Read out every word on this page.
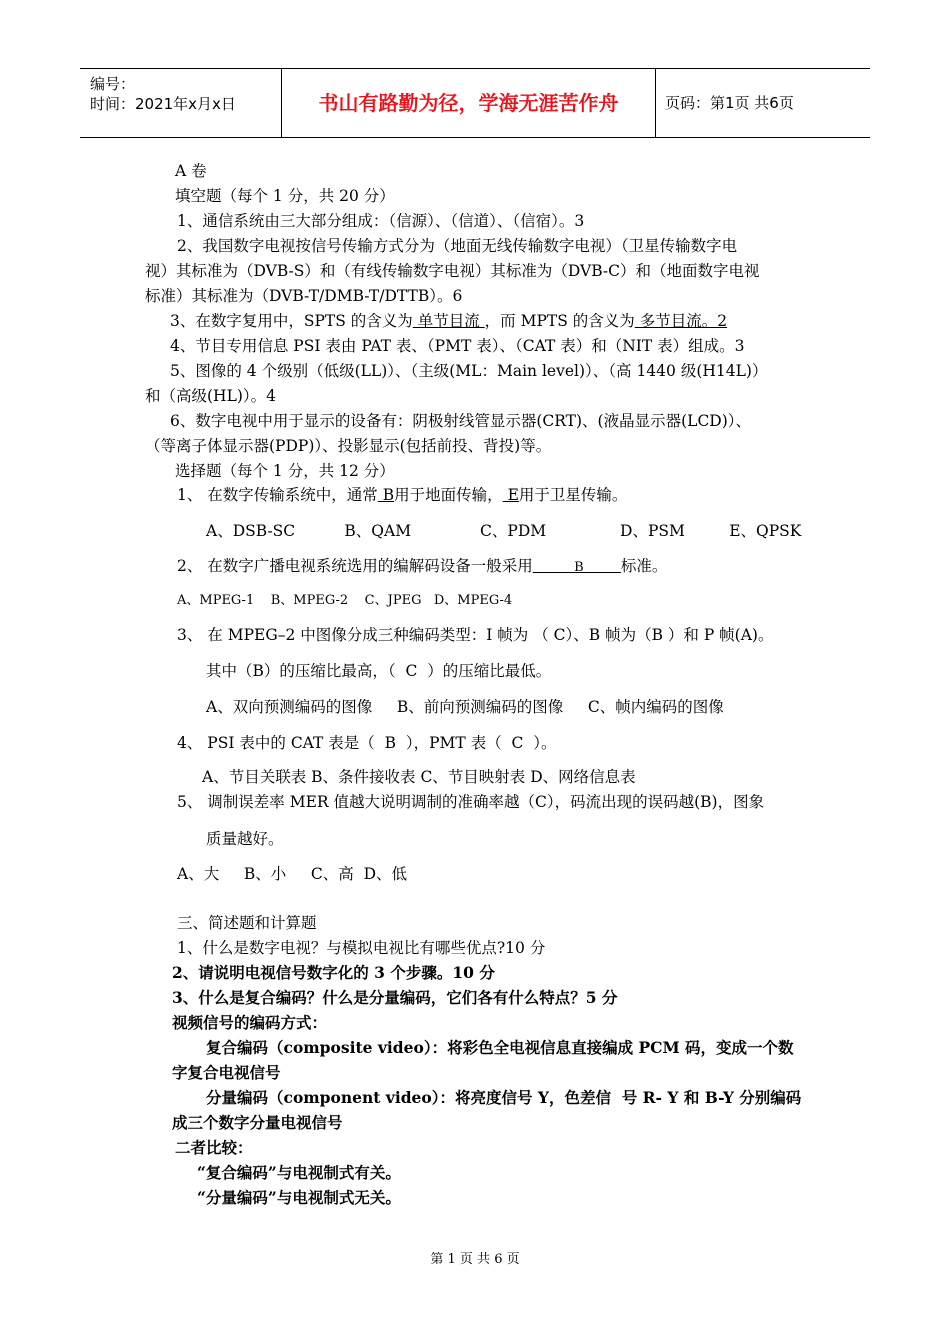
编号：
时间：2021年x月x日	书山有路勤为径，学海无涯苦作舟	页码：第1页 共6页
A 卷
填空题（每个 1 分，共 20 分）
1、通信系统由三大部分组成：（信源）、（信道）、（信宿）。3
2、我国数字电视按信号传输方式分为（地面无线传输数字电视）（卫星传输数字电
视）其标准为（DVB-S）和（有线传输数字电视）其标准为（DVB-C）和（地面数字电视
标准）其标准为（DVB-T/DMB-T/DTTB）。6
3、在数字复用中，SPTS 的含义为 单节目流 ，而 MPTS 的含义为 多节目流。2
4、节目专用信息 PSI 表由 PAT 表、（PMT 表）、（CAT 表）和（NIT 表）组成。3
5、图像的 4 个级别（低级(LL)）、（主级(ML：Main level)）、（高 1440 级(H14L)）
和（高级(HL)）。4
6、数字电视中用于显示的设备有：阴极射线管显示器(CRT)、(液晶显示器(LCD)）、
（等离子体显示器(PDP)）、投影显示(包括前投、背投)等。
选择题（每个 1 分，共 12 分）
1、 在数字传输系统中，通常 B用于地面传输， E用于卫星传输。
A、DSB-SC          B、QAM              C、PDM               D、PSM         E、QPSK
2、 在数字广播电视系统选用的编解码设备一般采用          B         标准。
A、MPEG-1    B、MPEG-2    C、JPEG   D、MPEG-4
3、 在 MPEG–2 中图像分成三种编码类型：I 帧为 （ C）、B 帧为（B ）和 P 帧(A)。
其中（B）的压缩比最高，（  C  ）的压缩比最低。
A、双向预测编码的图像     B、前向预测编码的图像     C、帧内编码的图像
4、 PSI 表中的 CAT 表是（  B  ），PMT 表（  C  ）。
A、节目关联表 B、条件接收表 C、节目映射表 D、网络信息表
5、 调制误差率 MER 值越大说明调制的准确率越（C），码流出现的误码越(B)，图象
质量越好。
A、大     B、小     C、高  D、低
三、简述题和计算题
1、什么是数字电视？与模拟电视比有哪些优点?10 分
2、请说明电视信号数字化的 3 个步骤。10 分
3、什么是复合编码？什么是分量编码，它们各有什么特点？5 分
视频信号的编码方式：
复合编码（composite video）：将彩色全电视信息直接编成 PCM 码，变成一个数
字复合电视信号
分量编码（component video）：将亮度信号 Y，色差信  号 R- Y 和 B-Y 分别编码
成三个数字分量电视信号
二者比较：
“复合编码”与电视制式有关。
“分量编码”与电视制式无关。
第 1 页 共 6 页
